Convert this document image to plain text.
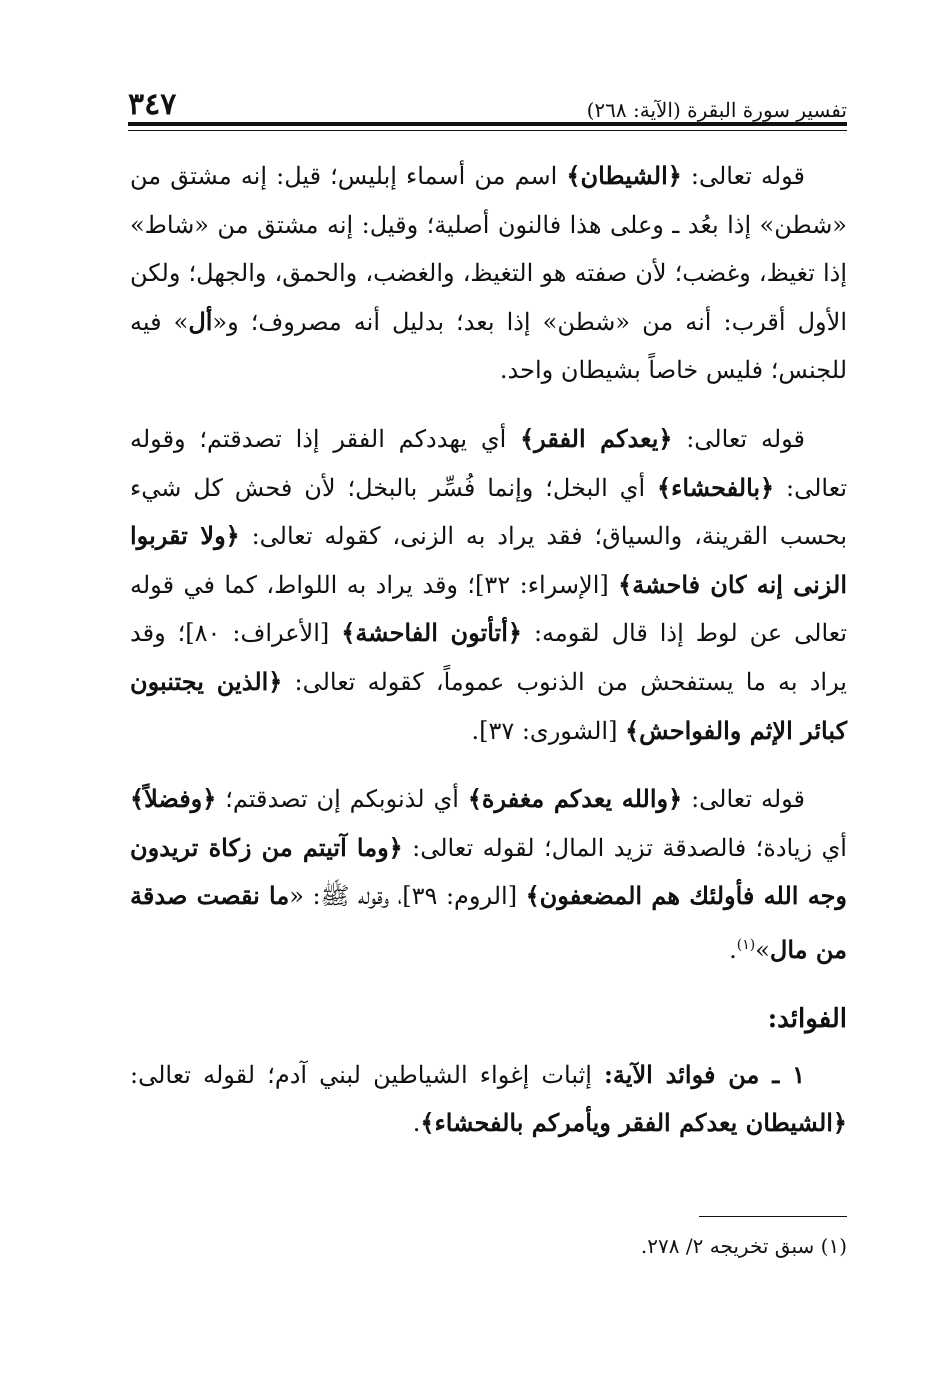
تفسير سورة البقرة (الآية: ٢٦٨)
٣٤٧

قوله تعالى: ﴿الشيطان﴾ اسم من أسماء إبليس؛ قيل: إنه مشتق من «شطن» إذا بعُد ـ وعلى هذا فالنون أصلية؛ وقيل: إنه مشتق من «شاط» إذا تغيظ، وغضب؛ لأن صفته هو التغيظ، والغضب، والحمق، والجهل؛ ولكن الأول أقرب: أنه من «شطن» إذا بعد؛ بدليل أنه مصروف؛ و«أل» فيه للجنس؛ فليس خاصاً بشيطان واحد.

قوله تعالى: ﴿يعدكم الفقر﴾ أي يهددكم الفقر إذا تصدقتم؛ وقوله تعالى: ﴿بالفحشاء﴾ أي البخل؛ وإنما فُسِّر بالبخل؛ لأن فحش كل شيء بحسب القرينة، والسياق؛ فقد يراد به الزنى، كقوله تعالى: ﴿ولا تقربوا الزنى إنه كان فاحشة﴾ [الإسراء: ٣٢]؛ وقد يراد به اللواط، كما في قوله تعالى عن لوط إذا قال لقومه: ﴿أتأتون الفاحشة﴾ [الأعراف: ٨٠]؛ وقد يراد به ما يستفحش من الذنوب عموماً، كقوله تعالى: ﴿الذين يجتنبون كبائر الإثم والفواحش﴾ [الشورى: ٣٧].

قوله تعالى: ﴿والله يعدكم مغفرة﴾ أي لذنوبكم إن تصدقتم؛ ﴿وفضلاً﴾ أي زيادة؛ فالصدقة تزيد المال؛ لقوله تعالى: ﴿وما آتيتم من زكاة تريدون وجه الله فأولئك هم المضعفون﴾ [الروم: ٣٩]، وقوله ﷺ: «ما نقصت صدقة من مال»$^{(١)}$.

الفوائد:

١ ـ من فوائد الآية: إثبات إغواء الشياطين لبني آدم؛ لقوله تعالى: ﴿الشيطان يعدكم الفقر ويأمركم بالفحشاء﴾.

(١) سبق تخريجه ٢/ ٢٧٨.
